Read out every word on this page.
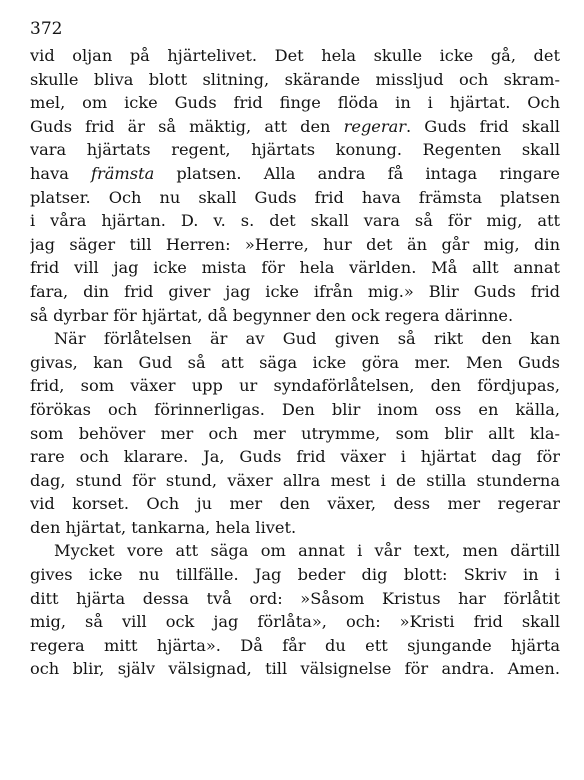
372
vid oljan på hjärtelivet. Det hela skulle icke gå, det
skulle bliva blott slitning, skärande misslјud och skram-
mel, om icke Guds frid finge flöda in i hjärtat. Och
Guds frid är så mäktig, att den regerar. Guds frid skall
vara hjärtats regent, hjärtats konung. Regenten skall
hava främsta platsen. Alla andra få intaga ringare
platser. Och nu skall Guds frid hava främsta platsen
i våra hjärtan. D. v. s. det skall vara så för mig, att
jag säger till Herren: »Herre, hur det än går mig, din
frid vill jag icke mista för hela världen. Må allt annat
fara, din frid giver jag icke ifrån mig.» Blir Guds frid
så dyrbar för hjärtat, då begynner den ock regera därinne.
När förlåtelsen är av Gud given så rikt den kan
givas, kan Gud så att säga icke göra mer. Men Guds
frid, som växer upp ur syndaförlåtelsen, den fördjupas,
förökas och förinnerligas. Den blir inom oss en källa,
som behöver mer och mer utrymme, som blir allt kla-
rare och klarare. Ja, Guds frid växer i hjärtat dag för
dag, stund för stund, växer allra mest i de stilla stunderna
vid korset. Och ju mer den växer, dess mer regerar
den hjärtat, tankarna, hela livet.
Mycket vore att säga om annat i vår text, men därtill
gives icke nu tillfälle. Jag beder dig blott: Skriv in i
ditt hjärta dessa två ord: »Såsom Kristus har förlåtit
mig, så vill ock jag förlåta», och: »Kristi frid skall
regera mitt hjärta». Då får du ett sjungande hjärta
och blir, själv välsignad, till välsignelse för andra. Amen.
